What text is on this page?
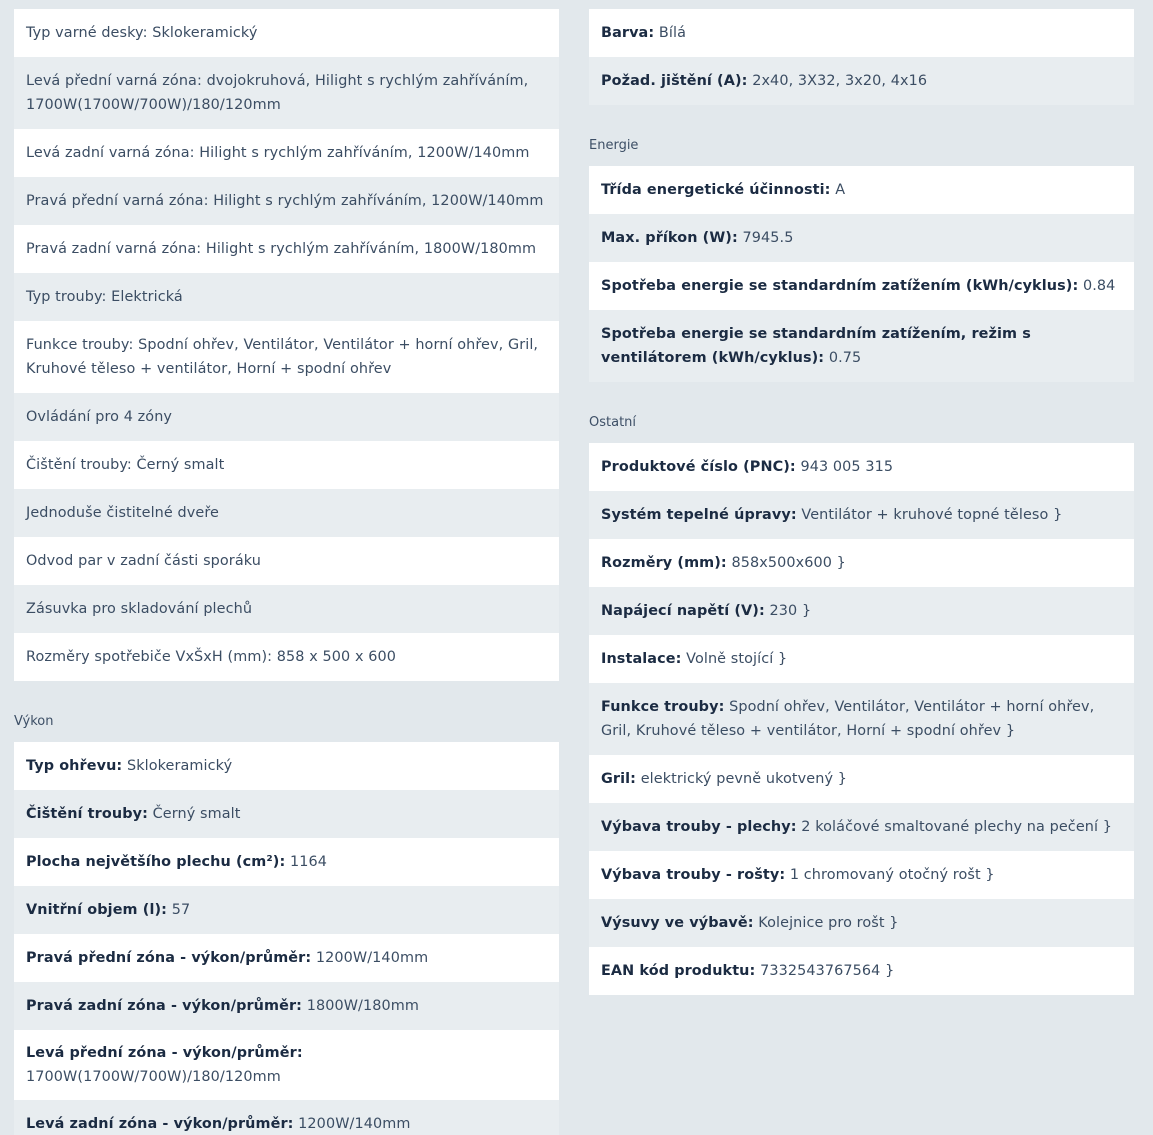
Typ varné desky: Sklokeramický
Levá přední varná zóna: dvojokruhová, Hilight s rychlým zahříváním, 1700W(1700W/700W)/180/120mm
Levá zadní varná zóna: Hilight s rychlým zahříváním, 1200W/140mm
Pravá přední varná zóna: Hilight s rychlým zahříváním, 1200W/140mm
Pravá zadní varná zóna: Hilight s rychlým zahříváním, 1800W/180mm
Typ trouby: Elektrická
Funkce trouby: Spodní ohřev, Ventilátor, Ventilátor + horní ohřev, Gril, Kruhové těleso + ventilátor, Horní + spodní ohřev
Ovládání pro 4 zóny
Čištění trouby: Černý smalt
Jednoduše čistitelné dveře
Odvod par v zadní části sporáku
Zásuvka pro skladování plechů
Rozměry spotřebiče VxŠxH (mm): 858 x 500 x 600
Výkon
Typ ohřevu: Sklokeramický
Čištění trouby: Černý smalt
Plocha největšího plechu (cm²): 1164
Vnitřní objem (l): 57
Pravá přední zóna - výkon/průměr: 1200W/140mm
Pravá zadní zóna - výkon/průměr: 1800W/180mm
Levá přední zóna - výkon/průměr: 1700W(1700W/700W)/180/120mm
Levá zadní zóna - výkon/průměr: 1200W/140mm
Barva: Bílá
Požad. jištění (A): 2x40, 3X32, 3x20, 4x16
Energie
Třída energetické účinnosti: A
Max. příkon (W): 7945.5
Spotřeba energie se standardním zatížením (kWh/cyklus): 0.84
Spotřeba energie se standardním zatížením, režim s ventilátorem (kWh/cyklus): 0.75
Ostatní
Produktové číslo (PNC): 943 005 315
Systém tepelné úpravy: Ventilátor + kruhové topné těleso }
Rozměry (mm): 858x500x600 }
Napájecí napětí (V): 230 }
Instalace: Volně stojící }
Funkce trouby: Spodní ohřev, Ventilátor, Ventilátor + horní ohřev, Gril, Kruhové těleso + ventilátor, Horní + spodní ohřev }
Gril: elektrický pevně ukotvený }
Výbava trouby - plechy: 2 koláčové smaltované plechy na pečení }
Výbava trouby - rošty: 1 chromovaný otočný rošt }
Výsuvy ve výbavě: Kolejnice pro rošt }
EAN kód produktu: 7332543767564 }
